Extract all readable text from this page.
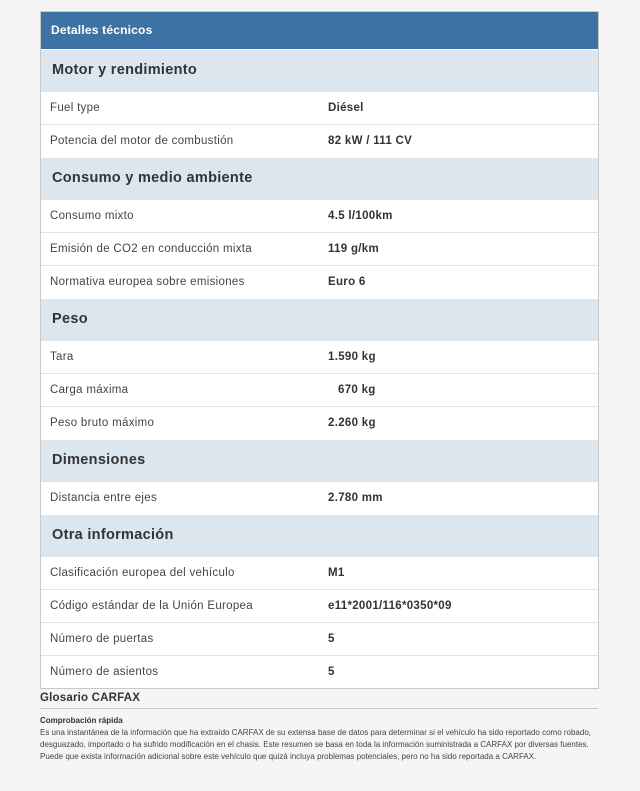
Detalles técnicos
Motor y rendimiento
Fuel type	Diésel
Potencia del motor de combustión	82 kW / 111 CV
Consumo y medio ambiente
Consumo mixto	4.5 l/100km
Emisión de CO2 en conducción mixta	119 g/km
Normativa europea sobre emisiones	Euro 6
Peso
Tara	1.590 kg
Carga máxima	670 kg
Peso bruto máximo	2.260 kg
Dimensiones
Distancia entre ejes	2.780 mm
Otra información
Clasificación europea del vehículo	M1
Código estándar de la Unión Europea	e11*2001/116*0350*09
Número de puertas	5
Número de asientos	5
Glosario CARFAX
Comprobación rápida
Es una instantánea de la información que ha extraído CARFAX de su extensa base de datos para determinar si el vehículo ha sido reportado como robado, desguazado, importado o ha sufrido modificación en el chasis. Este resumen se basa en toda la información suministrada a CARFAX por diversas fuentes. Puede que exista información adicional sobre este vehículo que quizá incluya problemas potenciales, pero no ha sido reportada a CARFAX.
